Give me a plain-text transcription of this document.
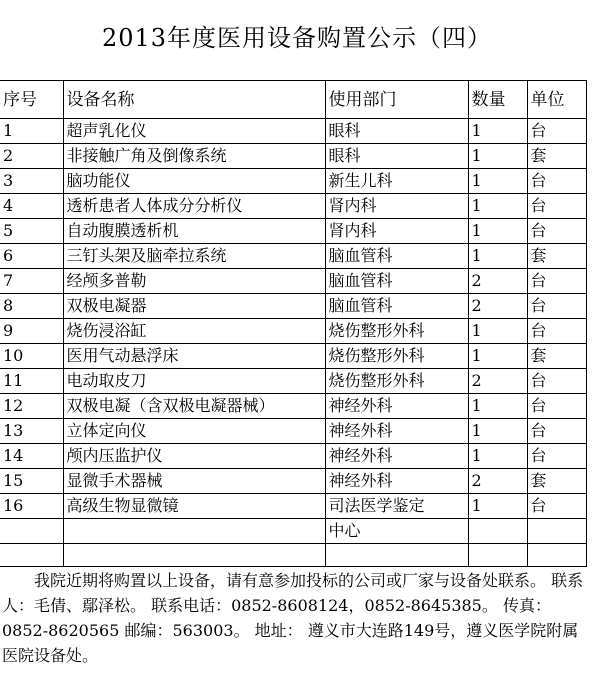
2013年度医用设备购置公示（四）
序号	设备名称	使用部门	数量	单位
1	超声乳化仪	眼科	1	台
2	非接触广角及倒像系统	眼科	1	套
3	脑功能仪	新生儿科	1	台
4	透析患者人体成分分析仪	肾内科	1	台
5	自动腹膜透析机	肾内科	1	台
6	三钉头架及脑牵拉系统	脑血管科	1	套
7	经颅多普勒	脑血管科	2	台
8	双极电凝器	脑血管科	2	台
9	烧伤浸浴缸	烧伤整形外科	1	台
10	医用气动悬浮床	烧伤整形外科	1	套
11	电动取皮刀	烧伤整形外科	2	台
12	双极电凝（含双极电凝器械）	神经外科	1	台
13	立体定向仪	神经外科	1	台
14	颅内压监护仪	神经外科	1	台
15	显微手术器械	神经外科	2	套
16	高级生物显微镜	司法医学鉴定	1	台
		中心		

我院近期将购置以上设备，请有意参加投标的公司或厂家与设备处联系。 联系人：毛倩、鄢泽松。 联系电话：0852-8608124，0852-8645385。 传真：0852-8620565 邮编：563003。 地址： 遵义市大连路149号，遵义医学院附属医院设备处。
